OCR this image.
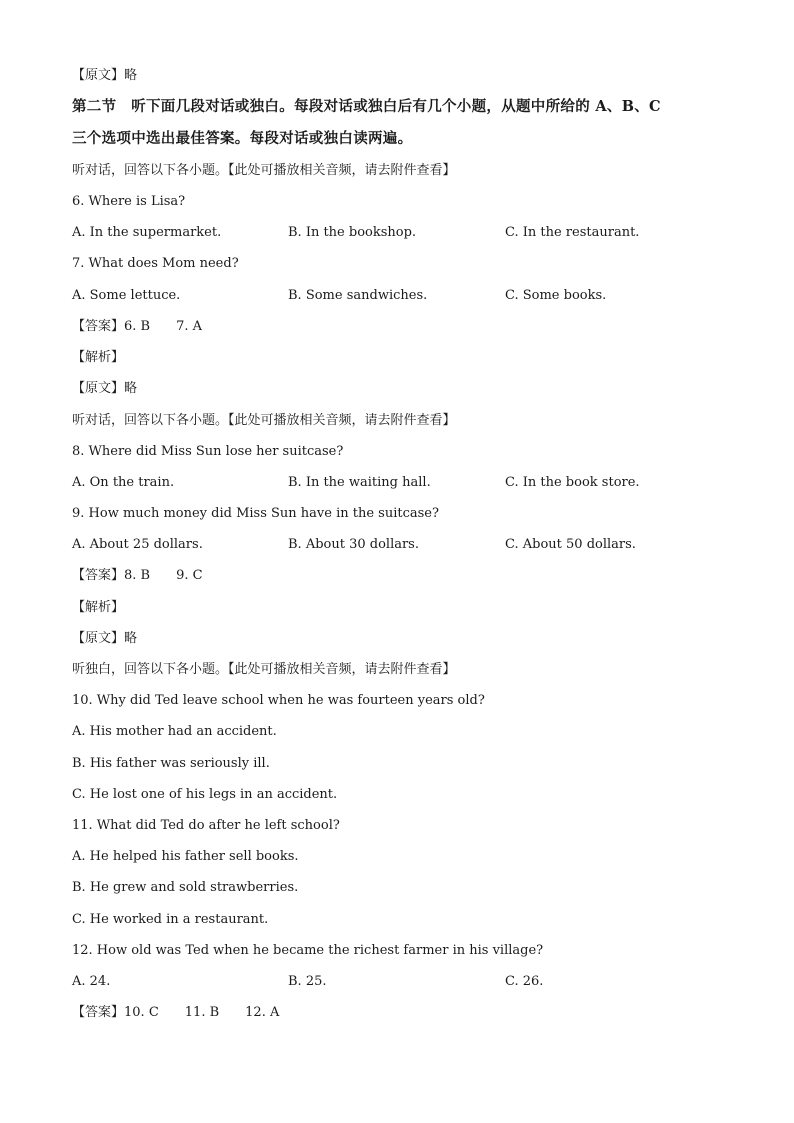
【原文】略
第二节　听下面几段对话或独白。每段对话或独白后有几个小题，从题中所给的 A、B、C
三个选项中选出最佳答案。每段对话或独白读两遍。
听对话，回答以下各小题。【此处可播放相关音频，请去附件查看】
6. Where is Lisa?
A. In the supermarket.	B. In the bookshop.	C. In the restaurant.
7. What does Mom need?
A. Some lettuce.	B. Some sandwiches.	C. Some books.
【答案】6. B 7. A
【解析】
【原文】略
听对话，回答以下各小题。【此处可播放相关音频，请去附件查看】
8. Where did Miss Sun lose her suitcase?
A. On the train.	B. In the waiting hall.	C. In the book store.
9. How much money did Miss Sun have in the suitcase?
A. About 25 dollars.	B. About 30 dollars.	C. About 50 dollars.
【答案】8. B 9. C
【解析】
【原文】略
听独白，回答以下各小题。【此处可播放相关音频，请去附件查看】
10. Why did Ted leave school when he was fourteen years old?
A. His mother had an accident.
B. His father was seriously ill.
C. He lost one of his legs in an accident.
11. What did Ted do after he left school?
A. He helped his father sell books.
B. He grew and sold strawberries.
C. He worked in a restaurant.
12. How old was Ted when he became the richest farmer in his village?
A. 24.	B. 25.	C. 26.
【答案】10. C 11. B 12. A
